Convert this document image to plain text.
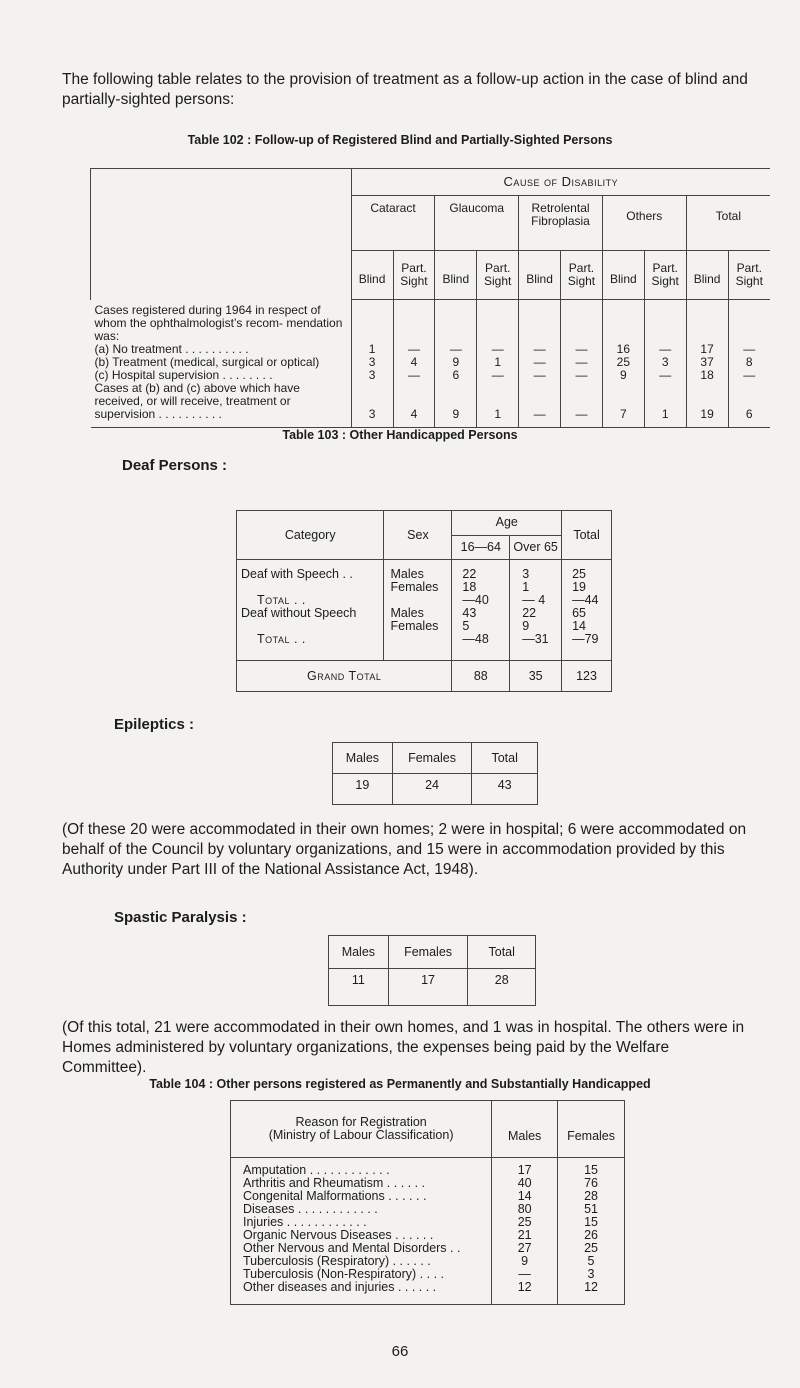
The following table relates to the provision of treatment as a follow-up action in the case of blind and partially-sighted persons:
Table 102 : Follow-up of Registered Blind and Partially-Sighted Persons
	Cause of Disability									
	Cataract		Glaucoma		Retrolental Fibroplasia		Others		Total	
	Blind	Part. Sight	Blind	Part. Sight	Blind	Part. Sight	Blind	Part. Sight	Blind	Part. Sight
Cases registered during 1964 in respect of whom the ophthalmologist’s recom- mendation was:										
(a) No treatment . . . . . . . . . .	1	—	—	—	—	—	16	—	17	—
(b) Treatment (medical, surgical or optical)	3	4	9	1	—	—	25	3	37	8
(c) Hospital supervision . . . . . . . .	3	—	6	—	—	—	9	—	18	—
Cases at (b) and (c) above which have received, or will receive, treatment or supervision . . . . . . . . . .	3	4	9	1	—	—	7	1	19	6
Table 103 : Other Handicapped Persons
Deaf Persons :
Category	Sex	Age		Total
		16—64	Over 65	
Deaf with Speech . .	Males	22	3	25
	Females	18	1	19
Total . .		—40	— 4	—44
Deaf without Speech	Males	43	22	65
	Females	5	9	14
Total . .		—48	—31	—79
Grand Total		88	35	123
Epileptics :
Males	Females	Total
19	24	43
(Of these 20 were accommodated in their own homes; 2 were in hospital; 6 were accommodated on behalf of the Council by voluntary organizations, and 15 were in accommodation provided by this Authority under Part III of the National Assistance Act, 1948).
Spastic Paralysis :
Males	Females	Total
11	17	28
(Of this total, 21 were accommodated in their own homes, and 1 was in hospital. The others were in Homes administered by voluntary organizations, the expenses being paid by the Welfare Committee).
Table 104 : Other persons registered as Permanently and Substantially Handicapped
Reason for Registration
(Ministry of Labour Classification)	Males	Females
Amputation . . . . . . . . . . . .	17	15
Arthritis and Rheumatism . . . . . .	40	76
Congenital Malformations . . . . . .	14	28
Diseases . . . . . . . . . . . .	80	51
Injuries . . . . . . . . . . . .	25	15
Organic Nervous Diseases . . . . . .	21	26
Other Nervous and Mental Disorders . .	27	25
Tuberculosis (Respiratory) . . . . . .	9	5
Tuberculosis (Non-Respiratory) . . . .	—	3
Other diseases and injuries . . . . . .	12	12
66
